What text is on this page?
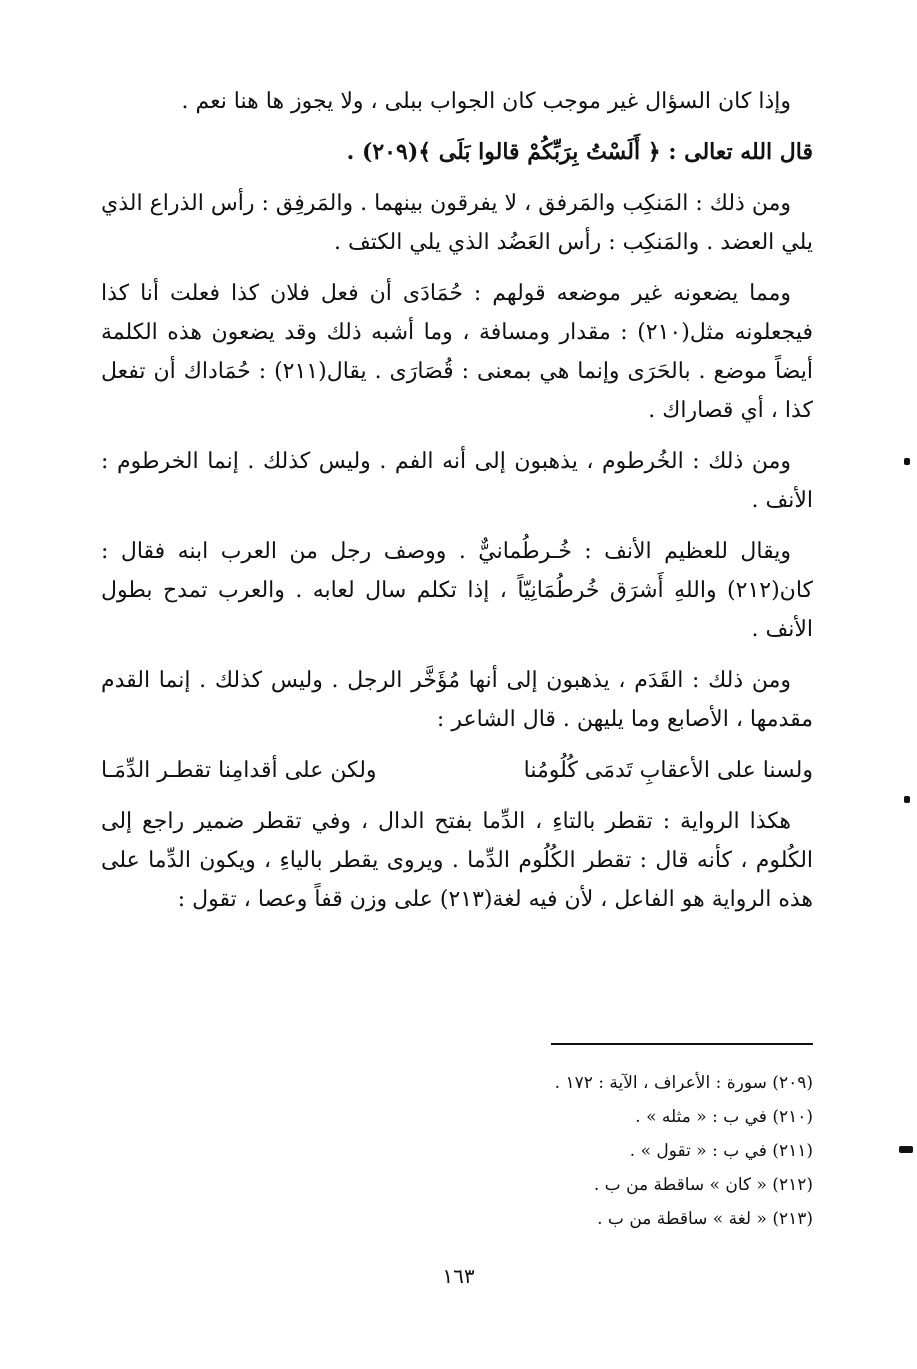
وإذا كان السؤال غير موجب كان الجواب ببلى ، ولا يجوز ها هنا نعم .

قال الله تعالى : ﴿ أَلَسْتُ بِرَبِّكُمْ قالوا بَلَى ﴾(٢٠٩) .

ومن ذلك : المَنكِب والمَرفق ، لا يفرقون بينهما . والمَرفِق : رأس الذراع الذي يلي العضد . والمَنكِب : رأس العَضُد الذي يلي الكتف .

ومما يضعونه غير موضعه قولهم : حُمَادَى أن فعل فلان كذا فعلت أنا كذا فيجعلونه مثل(٢١٠) : مقدار ومسافة ، وما أشبه ذلك وقد يضعون هذه الكلمة أيضاً موضع . بالحَرَى وإنما هي بمعنى : قُصَارَى . يقال(٢١١) : حُمَاداك أن تفعل كذا ، أي قصاراك .

ومن ذلك : الخُرطوم ، يذهبون إلى أنه الفم . وليس كذلك . إنما الخرطوم : الأنف .

ويقال للعظيم الأنف : خُـرطُمانيٌّ . ووصف رجل من العرب ابنه فقال : كان(٢١٢) واللهِ أَشرَق خُرطُمَانِيّاً ، إذا تكلم سال لعابه . والعرب تمدح بطول الأنف .

ومن ذلك : القَدَم ، يذهبون إلى أنها مُؤَخَّر الرجل . وليس كذلك . إنما القدم مقدمها ، الأصابع وما يليهن . قال الشاعر :

ولسنا على الأعقابِ تَدمَى كُلُومُنا
ولكن على أقدامِنا تقطـر الدِّمَـا

هكذا الرواية : تقطر بالتاءِ ، الدِّما بفتح الدال ، وفي تقطر ضمير راجع إلى الكُلوم ، كأنه قال : تقطر الكُلُوم الدِّما . ويروى يقطر بالياءِ ، ويكون الدِّما على هذه الرواية هو الفاعل ، لأن فيه لغة(٢١٣) على وزن قفاً وعصا ، تقول :

(٢٠٩) سورة : الأعراف ، الآية : ١٧٢ .

(٢١٠) في ب : « مثله » .

(٢١١) في ب : « تقول » .

(٢١٢) « كان » ساقطة من ب .

(٢١٣) « لغة » ساقطة من ب .

١٦٣
